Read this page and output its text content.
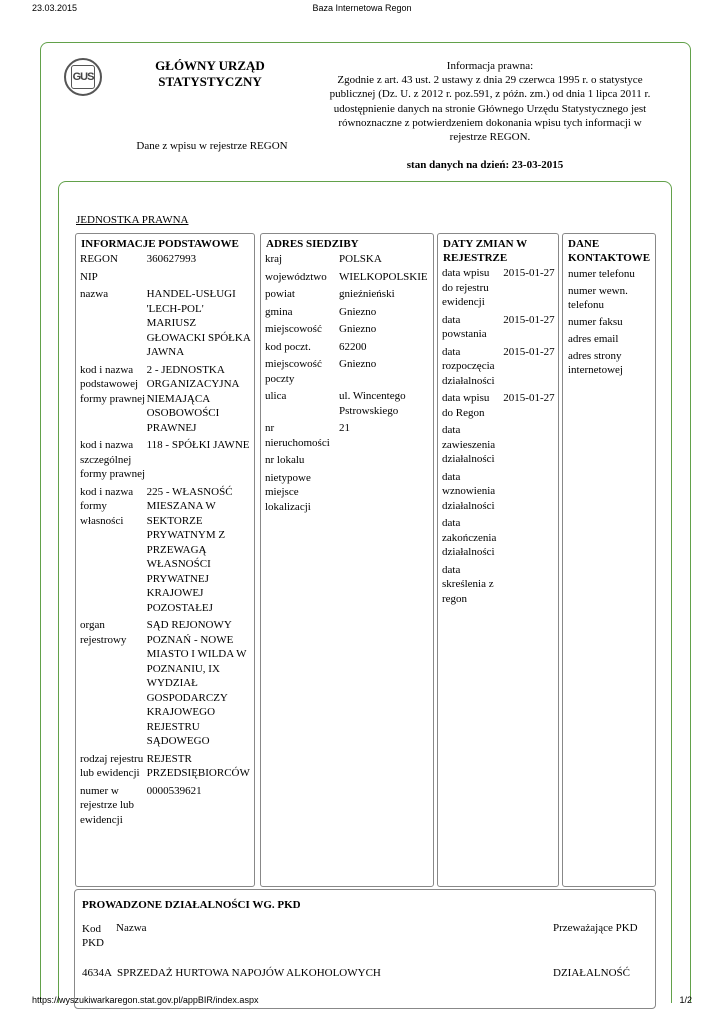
23.03.2015	Baza Internetowa Regon
GUS
GŁÓWNY URZĄD
STATYSTYCZNY
Informacja prawna:
Zgodnie z art. 43 ust. 2 ustawy z dnia 29 czerwca 1995 r. o statystyce
publicznej (Dz. U. z 2012 r. poz.591, z późn. zm.) od dnia 1 lipca 2011 r.
udostępnienie danych na stronie Głównego Urzędu Statystycznego jest
równoznaczne z potwierdzeniem dokonania wpisu tych informacji w
rejestrze REGON.
Dane z wpisu w rejestrze REGON
stan danych na dzień: 23-03-2015
JEDNOSTKA PRAWNA
INFORMACJE PODSTAWOWE
REGON	360627993
NIP	
nazwa	HANDEL-USŁUGI 'LECH-POL' MARIUSZ GŁOWACKI SPÓŁKA JAWNA
kod i nazwa podstawowej formy prawnej	2 - JEDNOSTKA ORGANIZACYJNA NIEMAJĄCA OSOBOWOŚCI PRAWNEJ
kod i nazwa szczególnej formy prawnej	118 - SPÓŁKI JAWNE
kod i nazwa formy własności	225 - WŁASNOŚĆ MIESZANA W SEKTORZE PRYWATNYM Z PRZEWAGĄ WŁASNOŚCI PRYWATNEJ KRAJOWEJ POZOSTAŁEJ
organ rejestrowy	SĄD REJONOWY POZNAŃ - NOWE MIASTO I WILDA W POZNANIU, IX WYDZIAŁ GOSPODARCZY KRAJOWEGO REJESTRU SĄDOWEGO
rodzaj rejestru lub ewidencji	REJESTR PRZEDSIĘBIORCÓW
numer w rejestrze lub ewidencji	0000539621
ADRES SIEDZIBY
kraj	POLSKA
województwo	WIELKOPOLSKIE
powiat	gnieźnieński
gmina	Gniezno
miejscowość	Gniezno
kod poczt.	62200
miejscowość poczty	Gniezno
ulica	ul. Wincentego Pstrowskiego
nr nieruchomości	21
nr lokalu	
nietypowe miejsce lokalizacji	
DATY ZMIAN W REJESTRZE
data wpisu do rejestru ewidencji	2015-01-27
data powstania	2015-01-27
data rozpoczęcia działalności	2015-01-27
data wpisu do Regon	2015-01-27
data zawieszenia działalności	
data wznowienia działalności	
data zakończenia działalności	
data skreślenia z regon	
DANE KONTAKTOWE
numer telefonu
numer wewn. telefonu
numer faksu
adres email
adres strony internetowej
PROWADZONE DZIAŁALNOŚCI WG. PKD
Kod PKD
Nazwa	Przeważające PKD
4634A SPRZEDAŻ HURTOWA NAPOJÓW ALKOHOLOWYCH	DZIAŁALNOŚĆ
https://wyszukiwarkaregon.stat.gov.pl/appBIR/index.aspx	1/2
